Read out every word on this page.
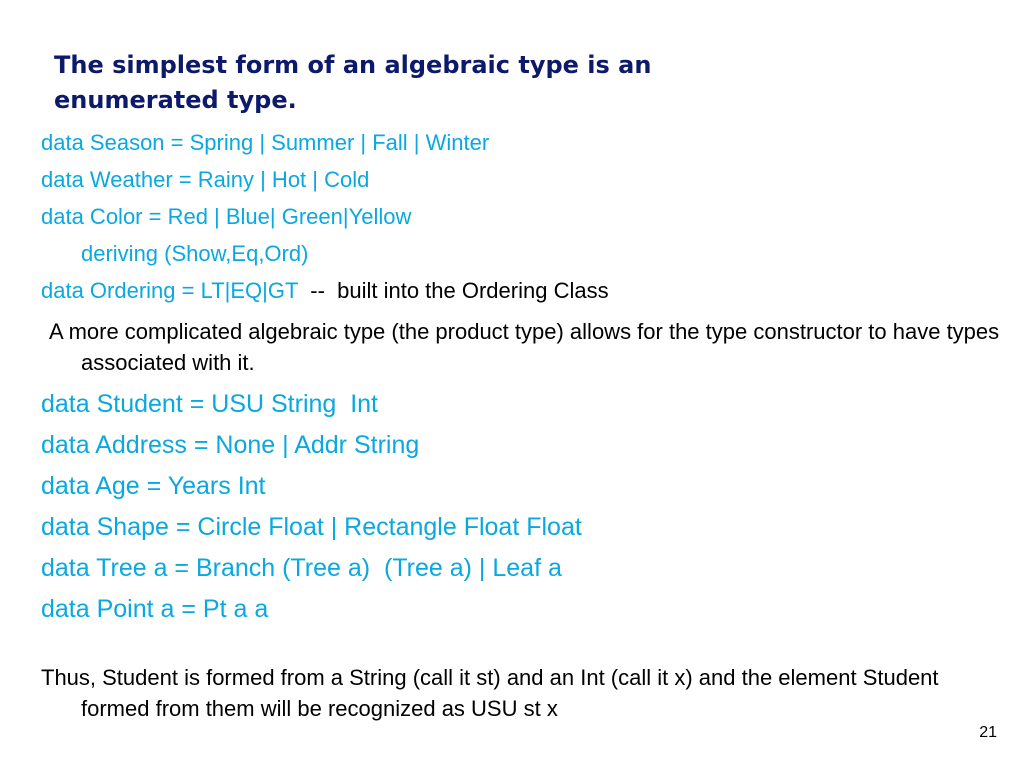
The simplest form of an algebraic type is an
enumerated type.

data Season = Spring | Summer | Fall | Winter

data Weather = Rainy | Hot | Cold

data Color = Red | Blue| Green|Yellow

deriving (Show,Eq,Ord)

data Ordering = LT|EQ|GT  --  built into the Ordering Class

A more complicated algebraic type (the product type) allows for the type constructor to have types associated with it.

data Student = USU String  Int

data Address = None | Addr String

data Age = Years Int

data Shape = Circle Float | Rectangle Float Float

data Tree a = Branch (Tree a)  (Tree a) | Leaf a

data Point a = Pt a a

Thus, Student is formed from a String (call it st) and an Int (call it x) and the element Student formed from them will be recognized as USU st x

21
